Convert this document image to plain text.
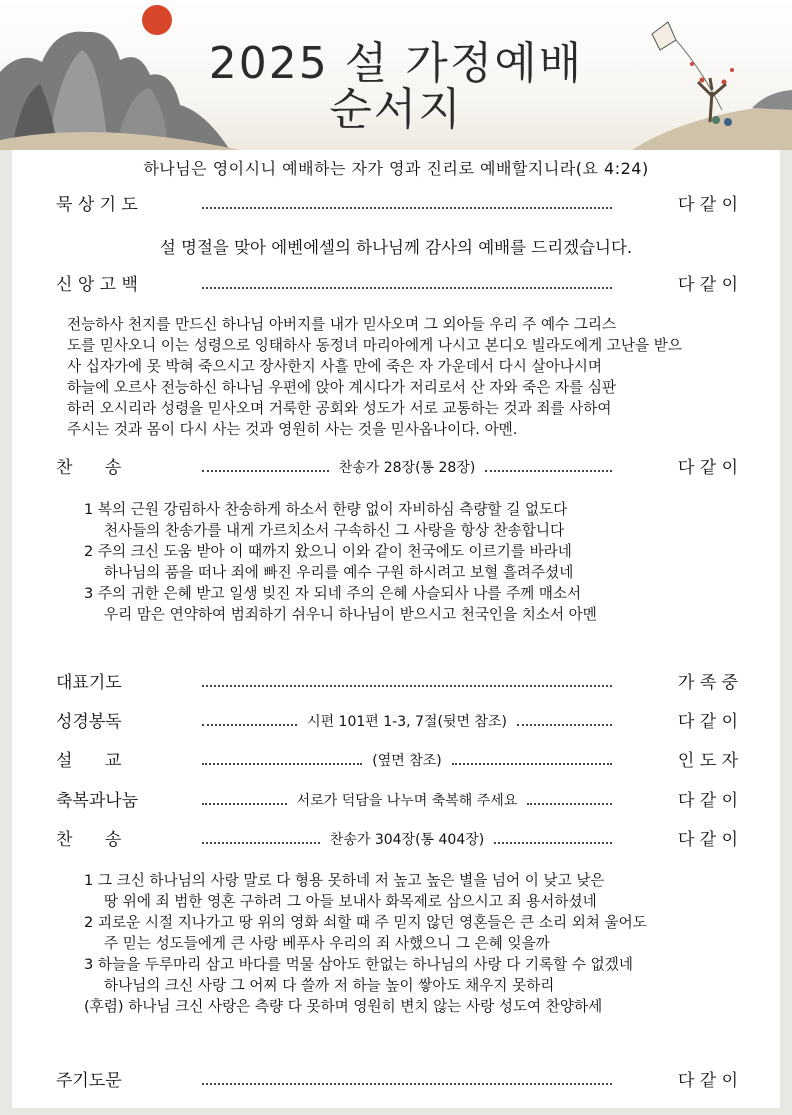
2025 설 가정예배
순서지
하나님은 영이시니 예배하는 자가 영과 진리로 예배할지니라(요 4:24)
묵 상 기 도	다 같 이
설 명절을 맞아 에벤에셀의 하나님께 감사의 예배를 드리겠습니다.
신 앙 고 백	다 같 이
전능하사 천지를 만드신 하나님 아버지를 내가 믿사오며 그 외아들 우리 주 예수 그리스
도를 믿사오니 이는 성령으로 잉태하사 동정녀 마리아에게 나시고 본디오 빌라도에게 고난을 받으
사 십자가에 못 박혀 죽으시고 장사한지 사흘 만에 죽은 자 가운데서 다시 살아나시며
하늘에 오르사 전능하신 하나님 우편에 앉아 계시다가 저리로서 산 자와 죽은 자를 심판
하러 오시리라 성령을 믿사오며 거룩한 공회와 성도가 서로 교통하는 것과 죄를 사하여
주시는 것과 몸이 다시 사는 것과 영원히 사는 것을 믿사옵나이다. 아멘.
찬      송	찬송가 28장(통 28장)	다 같 이
1 복의 근원 강림하사 찬송하게 하소서 한량 없이 자비하심 측량할 길 없도다
천사들의 찬송가를 내게 가르치소서 구속하신 그 사랑을 항상 찬송합니다
2 주의 크신 도움 받아 이 때까지 왔으니 이와 같이 천국에도 이르기를 바라네
하나님의 품을 떠나 죄에 빠진 우리를 예수 구원 하시려고 보혈 흘려주셨네
3 주의 귀한 은혜 받고 일생 빚진 자 되네 주의 은혜 사슬되사 나를 주께 매소서
우리 맘은 연약하여 범죄하기 쉬우니 하나님이 받으시고 천국인을 치소서 아멘
대표기도	가 족 중
성경봉독	시편 101편 1-3, 7절(뒷면 참조)	다 같 이
설      교	(옆면 참조)	인 도 자
축복과나눔	서로가 덕담을 나누며 축복해 주세요	다 같 이
찬      송	찬송가 304장(통 404장)	다 같 이
1 그 크신 하나님의 사랑 말로 다 형용 못하네 저 높고 높은 별을 넘어 이 낮고 낮은
땅 위에 죄 범한 영혼 구하려 그 아들 보내사 화목제로 삼으시고 죄 용서하셨네
2 괴로운 시절 지나가고 땅 위의 영화 쇠할 때 주 믿지 않던 영혼들은 큰 소리 외쳐 울어도
주 믿는 성도들에게 큰 사랑 베푸사 우리의 죄 사했으니 그 은혜 잊을까
3 하늘을 두루마리 삼고 바다를 먹물 삼아도 한없는 하나님의 사랑 다 기록할 수 없겠네
하나님의 크신 사랑 그 어찌 다 쓸까 저 하늘 높이 쌓아도 채우지 못하리
(후렴) 하나님 크신 사랑은 측량 다 못하며 영원히 변치 않는 사랑 성도여 찬양하세
주기도문	다 같 이
